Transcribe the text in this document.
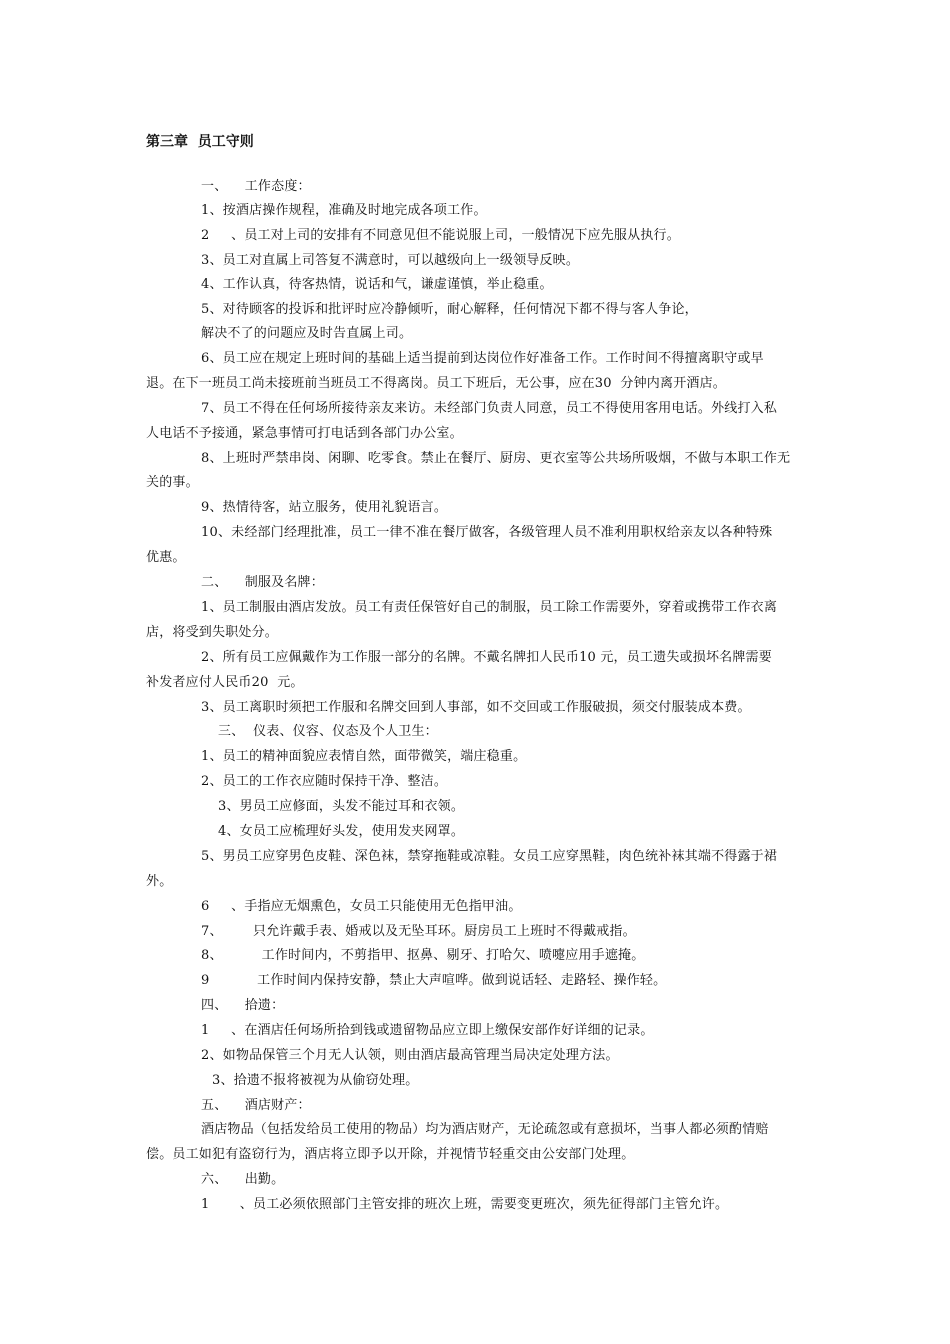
第三章  员工守则
一、    工作态度：
1、按酒店操作规程，准确及时地完成各项工作。
2     、员工对上司的安排有不同意见但不能说服上司，一般情况下应先服从执行。
3、员工对直属上司答复不满意时，可以越级向上一级领导反映。
4、工作认真，待客热情，说话和气，谦虚谨慎，举止稳重。
5、对待顾客的投诉和批评时应冷静倾听，耐心解释，任何情况下都不得与客人争论，
解决不了的问题应及时告直属上司。
6、员工应在规定上班时间的基础上适当提前到达岗位作好准备工作。工作时间不得擅离职守或早
退。在下一班员工尚未接班前当班员工不得离岗。员工下班后，无公事，应在30  分钟内离开酒店。
7、员工不得在任何场所接待亲友来访。未经部门负责人同意，员工不得使用客用电话。外线打入私
人电话不予接通，紧急事情可打电话到各部门办公室。
8、上班时严禁串岗、闲聊、吃零食。禁止在餐厅、厨房、更衣室等公共场所吸烟，不做与本职工作无
关的事。
9、热情待客，站立服务，使用礼貌语言。
10、未经部门经理批准，员工一律不准在餐厅做客，各级管理人员不准利用职权给亲友以各种特殊
优惠。
二、    制服及名牌：
1、员工制服由酒店发放。员工有责任保管好自己的制服，员工除工作需要外，穿着或携带工作衣离
店，将受到失职处分。
2、所有员工应佩戴作为工作服一部分的名牌。不戴名牌扣人民币10 元，员工遗失或损坏名牌需要
补发者应付人民币20  元。
3、员工离职时须把工作服和名牌交回到人事部，如不交回或工作服破损，须交付服装成本费。
三、  仪表、仪容、仪态及个人卫生：
1、员工的精神面貌应表情自然，面带微笑，端庄稳重。
2、员工的工作衣应随时保持干净、整洁。
3、男员工应修面，头发不能过耳和衣领。
4、女员工应梳理好头发，使用发夹网罩。
5、男员工应穿男色皮鞋、深色袜，禁穿拖鞋或凉鞋。女员工应穿黑鞋，肉色统补袜其端不得露于裙
外。
6     、手指应无烟熏色，女员工只能使用无色指甲油。
7、       只允许戴手表、婚戒以及无坠耳环。厨房员工上班时不得戴戒指。
8、         工作时间内，不剪指甲、抠鼻、剔牙、打哈欠、喷嚏应用手遮掩。
9           工作时间内保持安静，禁止大声喧哗。做到说话轻、走路轻、操作轻。
四、    拾遗：
1     、在酒店任何场所拾到钱或遗留物品应立即上缴保安部作好详细的记录。
2、如物品保管三个月无人认领，则由酒店最高管理当局决定处理方法。
3、拾遗不报将被视为从偷窃处理。
五、    酒店财产：
酒店物品（包括发给员工使用的物品）均为酒店财产，无论疏忽或有意损坏，当事人都必须酌情赔
偿。员工如犯有盗窃行为，酒店将立即予以开除，并视情节轻重交由公安部门处理。
六、    出勤。
1       、员工必须依照部门主管安排的班次上班，需要变更班次，须先征得部门主管允许。
